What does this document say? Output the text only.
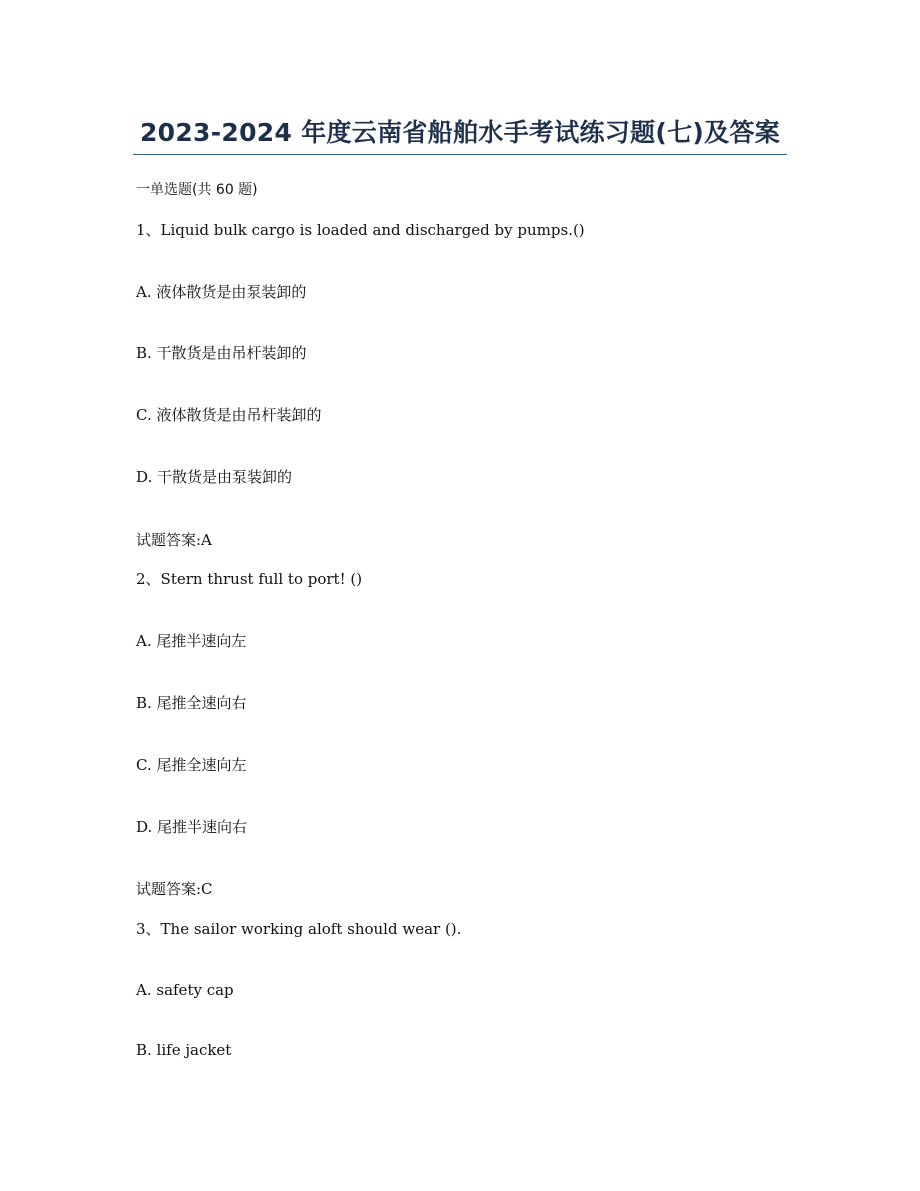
2023-2024 年度云南省船舶水手考试练习题(七)及答案

一单选题(共 60 题)

1、Liquid bulk cargo is loaded and discharged by pumps.()

A. 液体散货是由泵装卸的

B. 干散货是由吊杆装卸的

C. 液体散货是由吊杆装卸的

D. 干散货是由泵装卸的

试题答案:A

2、Stern thrust full to port! ()

A. 尾推半速向左

B. 尾推全速向右

C. 尾推全速向左

D. 尾推半速向右

试题答案:C

3、The sailor working aloft should wear ().

A. safety cap

B. life jacket
